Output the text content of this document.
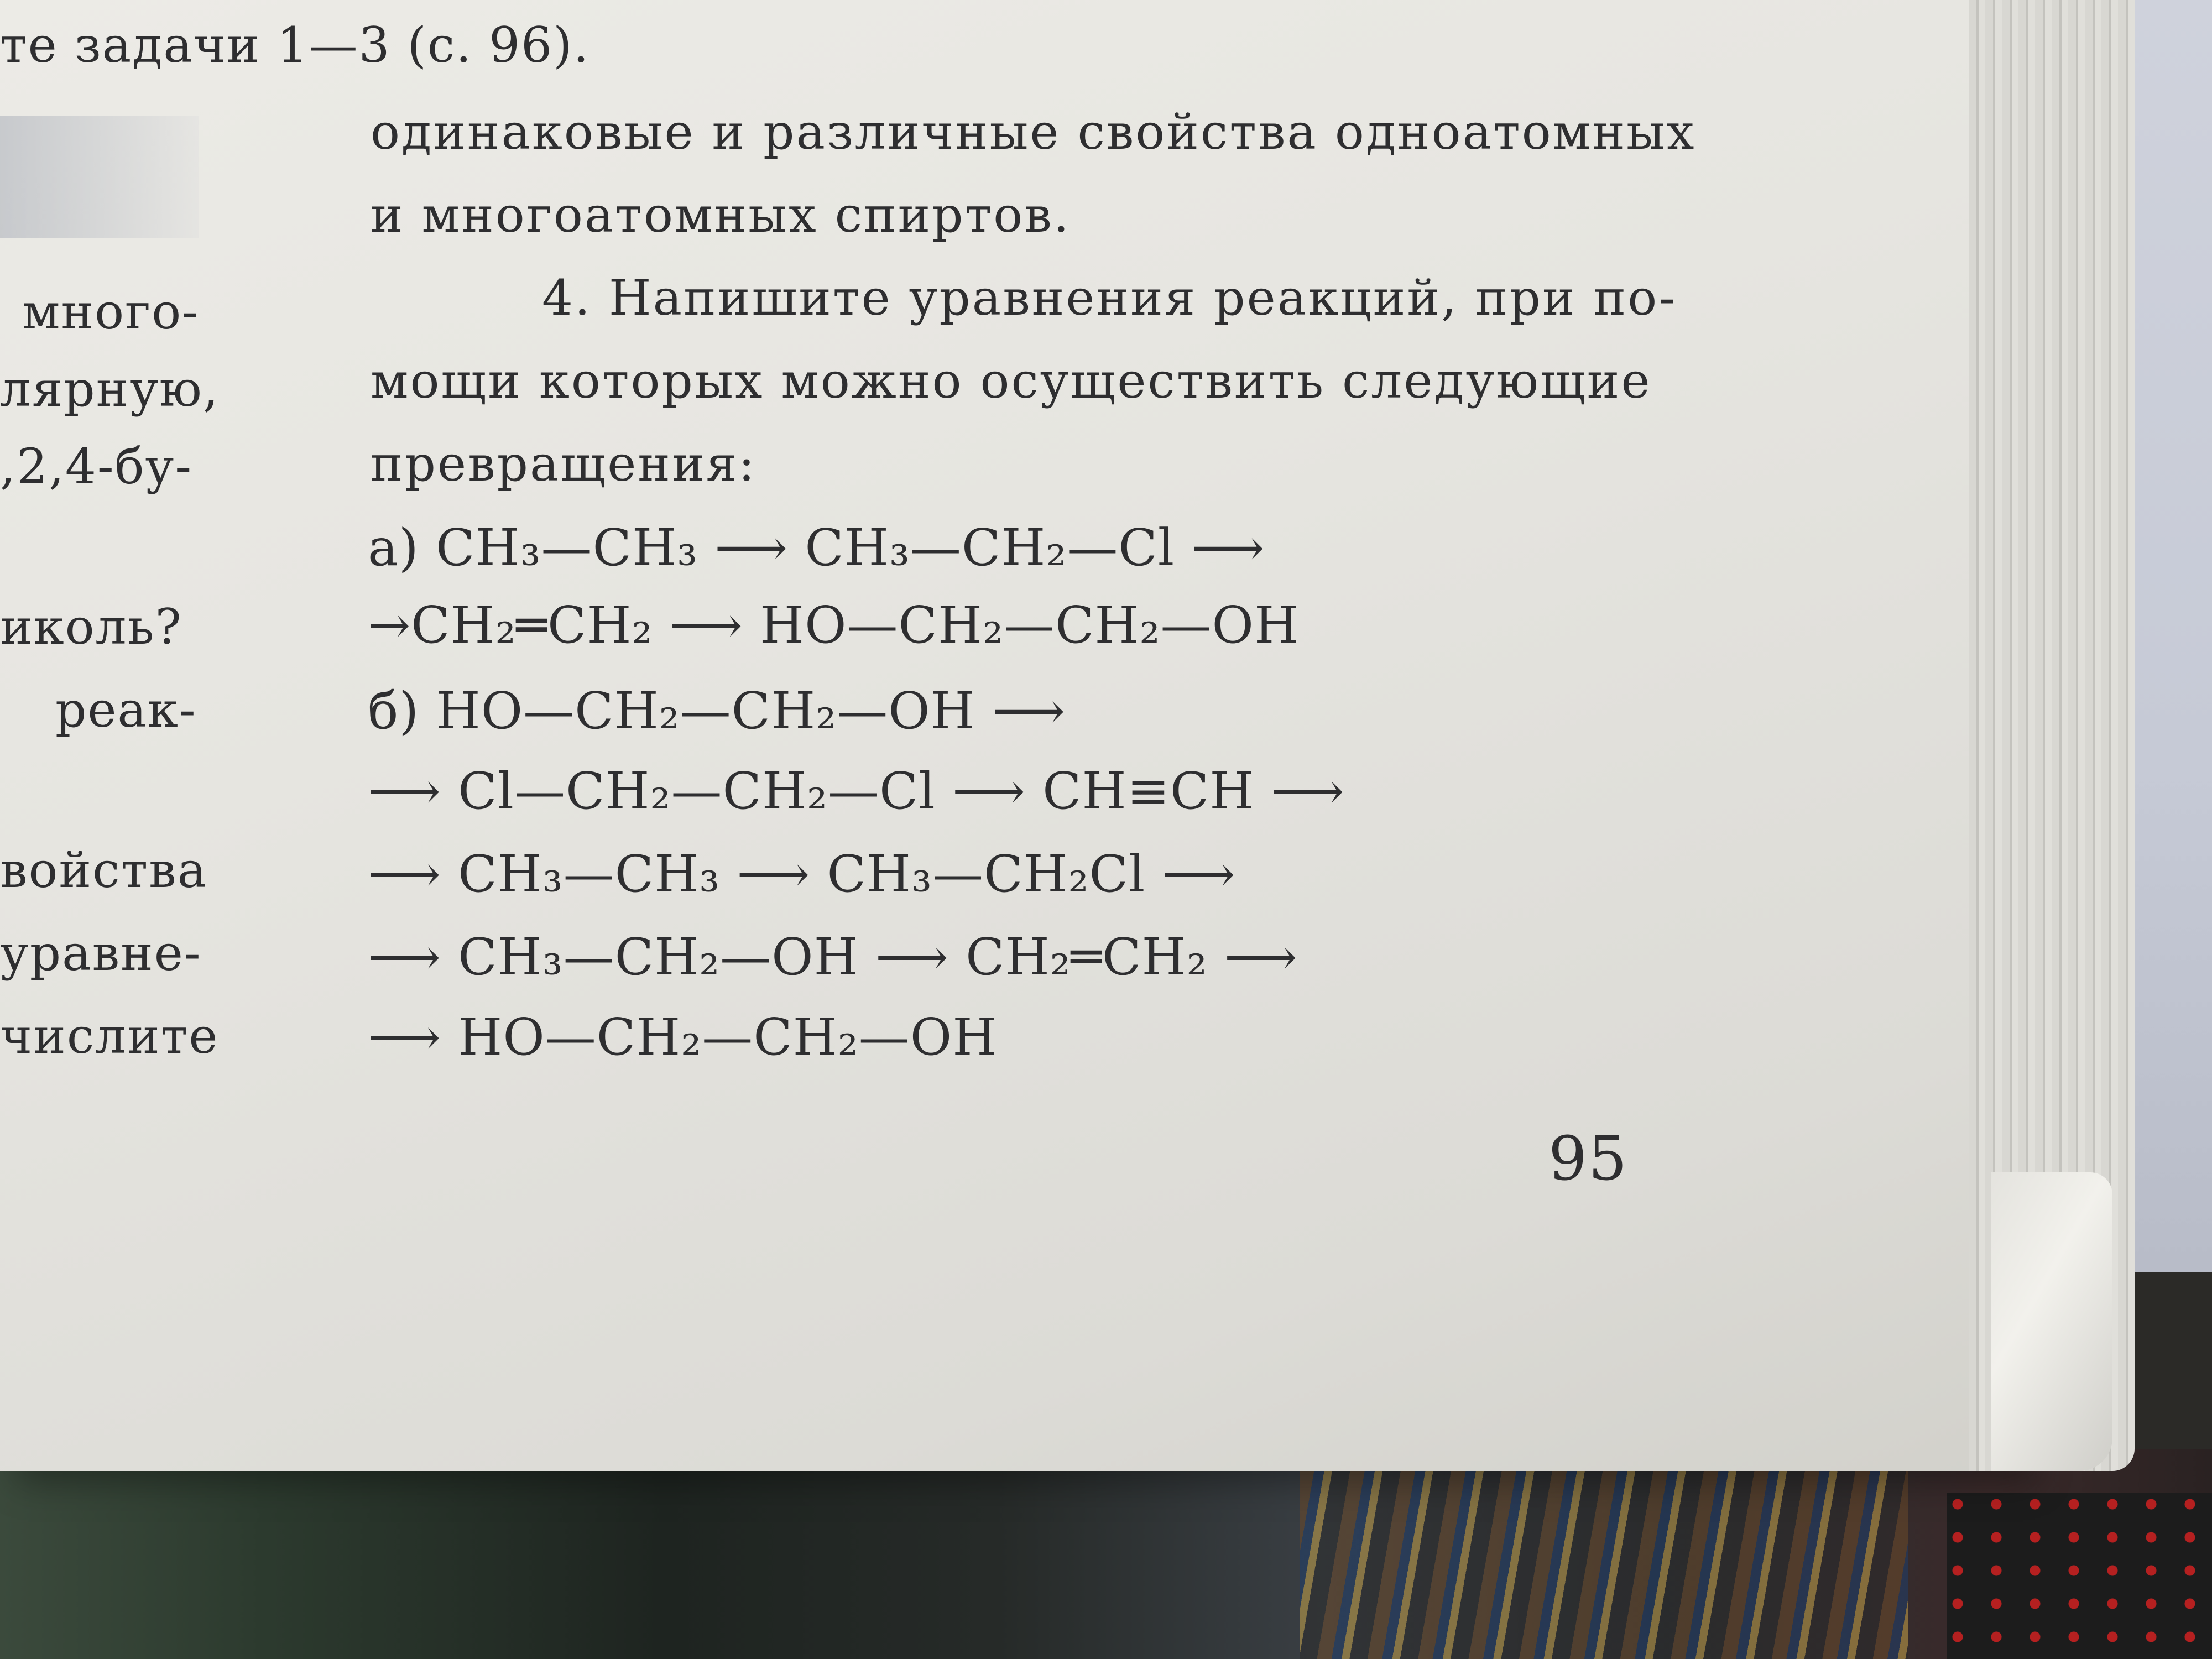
те задачи 1—3 (с. 96).
много-
лярную,
,2,4-бу-
иколь?
реак-
войства
уравне-
числите
одинаковые и различные свойства одноатомных
и многоатомных спиртов.
4. Напишите уравнения реакций, при по-
мощи которых можно осуществить следующие
превращения:
а) CH₃—CH₃ ⟶ CH₃—CH₂—Cl ⟶
→CH₂═CH₂ ⟶ HO—CH₂—CH₂—OH
б) HO—CH₂—CH₂—OH ⟶
⟶ Cl—CH₂—CH₂—Cl ⟶ CH≡CH ⟶
⟶ CH₃—CH₃ ⟶ CH₃—CH₂Cl ⟶
⟶ CH₃—CH₂—OH ⟶ CH₂═CH₂ ⟶
⟶ HO—CH₂—CH₂—OH
95
